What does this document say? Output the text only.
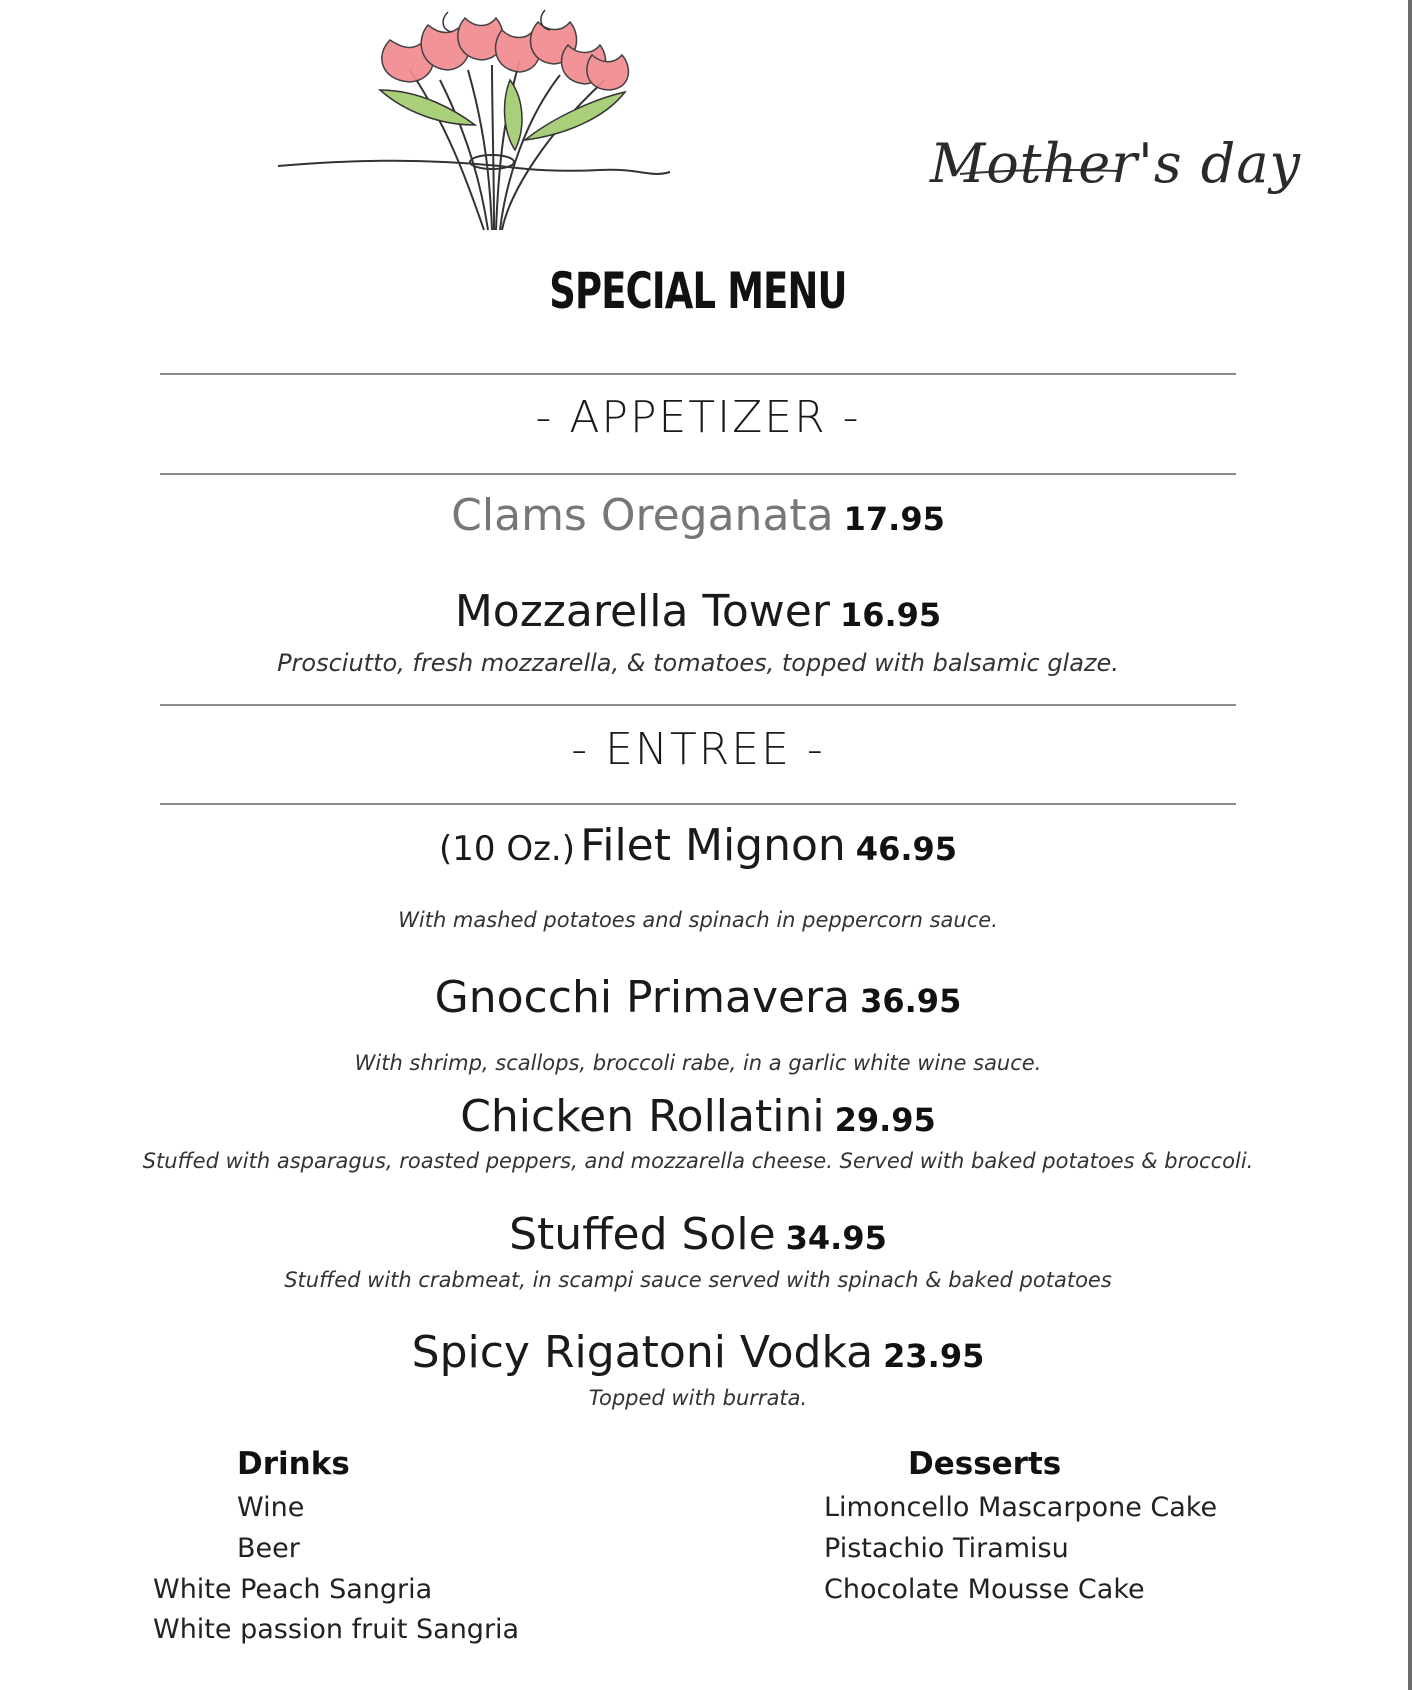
Mother's day
SPECIAL MENU
- APPETIZER -
Clams Oreganata 17.95
Mozzarella Tower 16.95
Prosciutto, fresh mozzarella, & tomatoes, topped with balsamic glaze.
- ENTREE -
(10 Oz.) Filet Mignon 46.95
With mashed potatoes and spinach in peppercorn sauce.
Gnocchi Primavera 36.95
With shrimp, scallops, broccoli rabe, in a garlic white wine sauce.
Chicken Rollatini 29.95
Stuffed with asparagus, roasted peppers, and mozzarella cheese. Served with baked potatoes & broccoli.
Stuffed Sole 34.95
Stuffed with crabmeat, in scampi sauce served with spinach & baked potatoes
Spicy Rigatoni Vodka 23.95
Topped with burrata.
Drinks
Wine
Beer
White Peach Sangria
White passion fruit Sangria
Desserts
Limoncello Mascarpone Cake
Pistachio Tiramisu
Chocolate Mousse Cake
